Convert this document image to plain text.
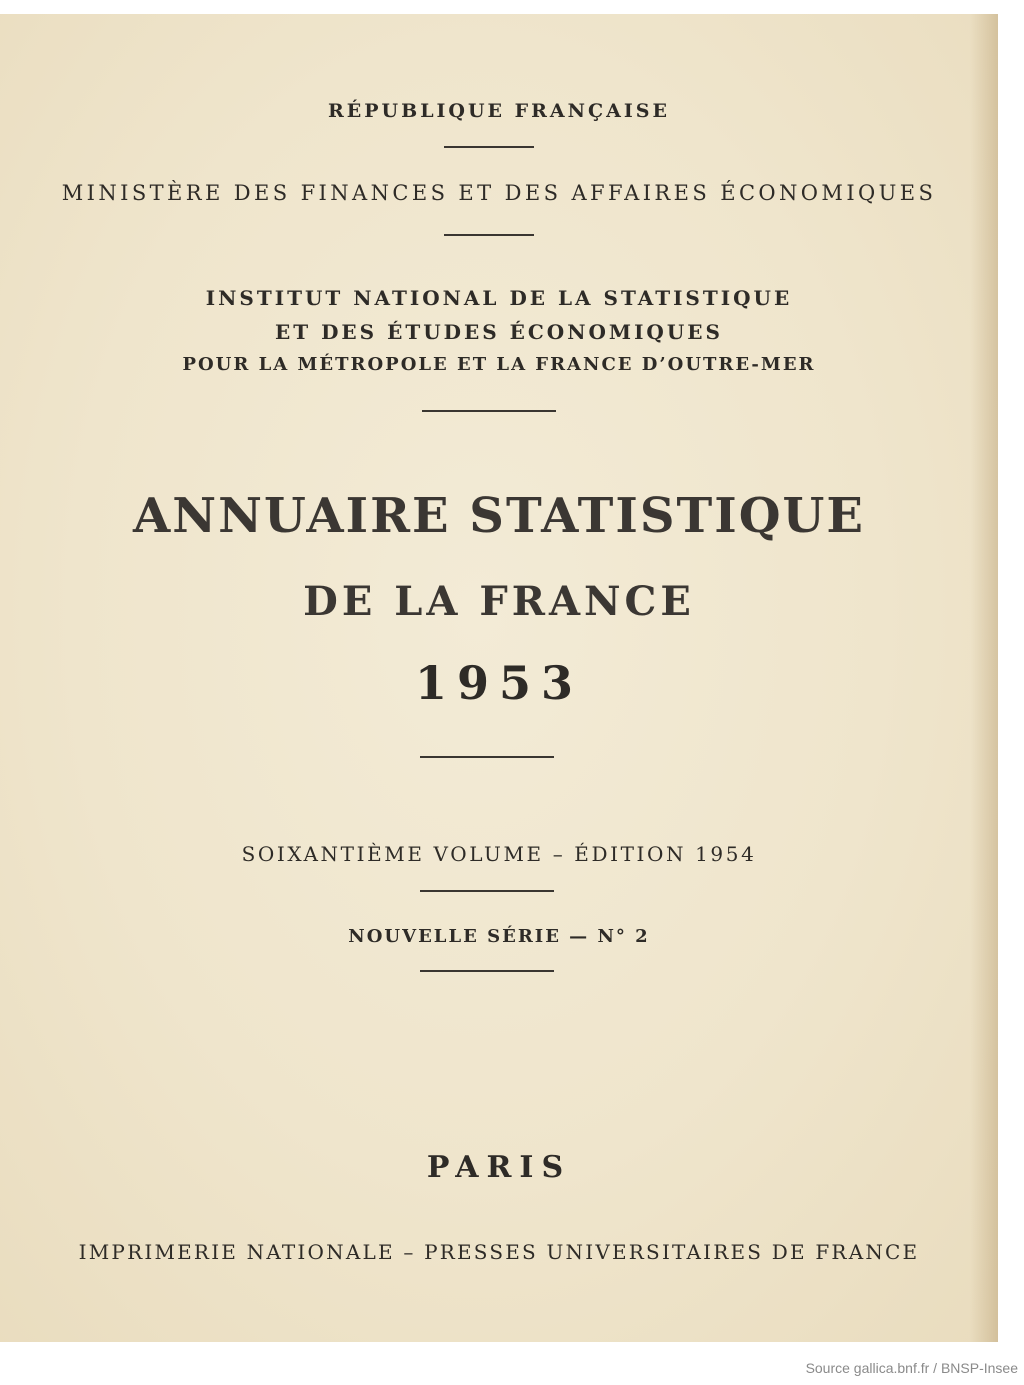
RÉPUBLIQUE FRANÇAISE

MINISTÈRE DES FINANCES ET DES AFFAIRES ÉCONOMIQUES

INSTITUT NATIONAL DE LA STATISTIQUE

ET DES ÉTUDES ÉCONOMIQUES

POUR LA MÉTROPOLE ET LA FRANCE D’OUTRE-MER

ANNUAIRE STATISTIQUE

DE LA FRANCE

1953

SOIXANTIÈME VOLUME – ÉDITION 1954

NOUVELLE SÉRIE — N° 2

PARIS

IMPRIMERIE NATIONALE – PRESSES UNIVERSITAIRES DE FRANCE

Source gallica.bnf.fr / BNSP-Insee
